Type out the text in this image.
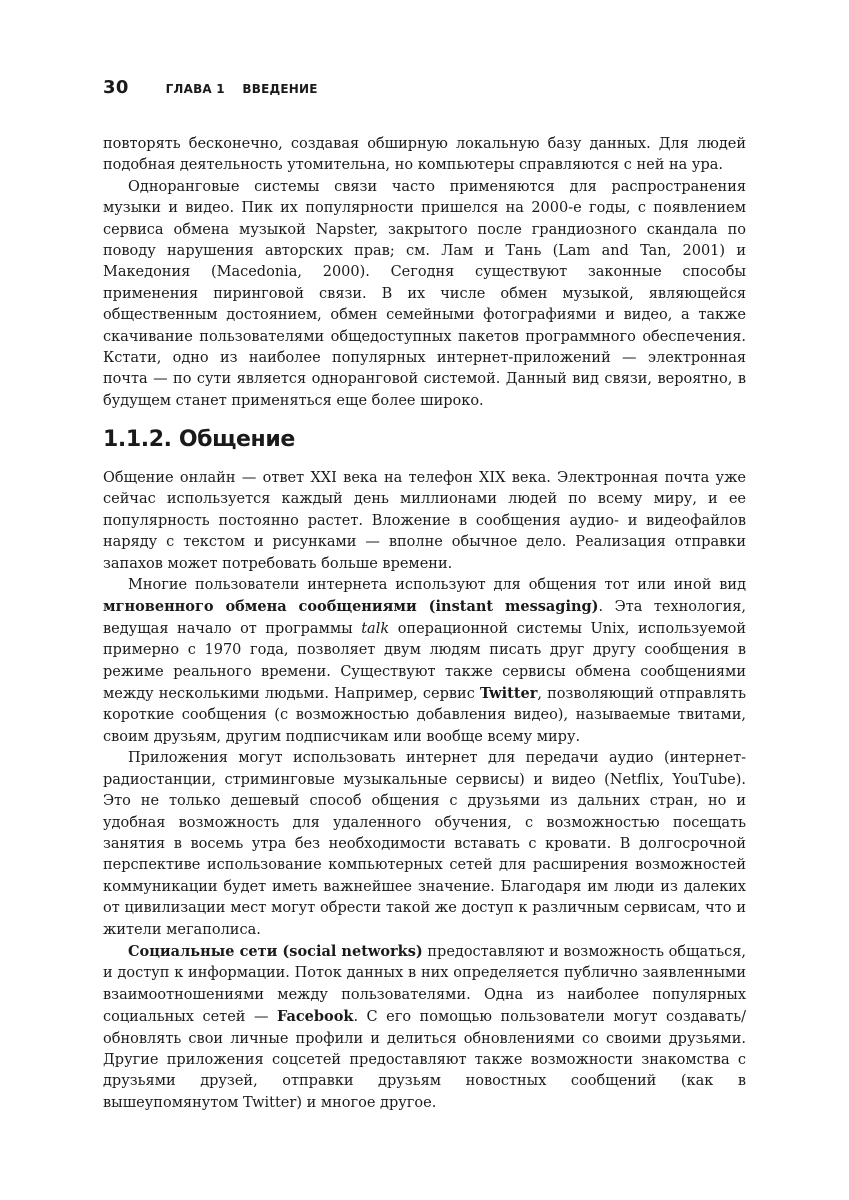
30	ГЛАВА 1 ВВЕДЕНИЕ

повторять бесконечно, создавая обширную локальную базу данных. Для людей подобная деятельность утомительна, но компьютеры справляются с ней на ура.

Одноранговые системы связи часто применяются для распространения музыки и видео. Пик их популярности пришелся на 2000-е годы, с появлением сервиса обмена музыкой Napster, закрытого после грандиозного скандала по поводу нарушения авторских прав; см. Лам и Тань (Lam and Tan, 2001) и Македония (Macedonia, 2000). Сегодня существуют законные способы применения пиринговой связи. В их числе обмен музыкой, являющейся общественным достоянием, обмен семейными фотографиями и видео, а также скачивание пользователями общедоступных пакетов программного обеспечения. Кстати, одно из наиболее популярных интернет-приложений — электронная почта — по сути является одноранговой системой. Данный вид связи, вероятно, в будущем станет применяться еще более широко.

1.1.2. Общение

Общение онлайн — ответ XXI века на телефон XIX века. Электронная почта уже сейчас используется каждый день миллионами людей по всему миру, и ее популярность постоянно растет. Вложение в сообщения аудио- и видеофайлов наряду с текстом и рисунками — вполне обычное дело. Реализация отправки запахов может потребовать больше времени.

Многие пользователи интернета используют для общения тот или иной вид мгновенного обмена сообщениями (instant messaging). Эта технология, ведущая начало от программы talk операционной системы Unix, используемой примерно с 1970 года, позволяет двум людям писать друг другу сообщения в режиме реального времени. Существуют также сервисы обмена сообщениями между несколькими людьми. Например, сервис Twitter, позволяющий отправлять короткие сообщения (с возможностью добавления видео), называемые твитами, своим друзьям, другим подписчикам или вообще всему миру.

Приложения могут использовать интернет для передачи аудио (интернет-радиостанции, стриминговые музыкальные сервисы) и видео (Netflix, YouTube). Это не только дешевый способ общения с друзьями из дальних стран, но и удобная возможность для удаленного обучения, с возможностью посещать занятия в восемь утра без необходимости вставать с кровати. В долгосрочной перспективе использование компьютерных сетей для расширения возможностей коммуникации будет иметь важнейшее значение. Благодаря им люди из далеких от цивилизации мест могут обрести такой же доступ к различным сервисам, что и жители мегаполиса.

Социальные сети (social networks) предоставляют и возможность общаться, и доступ к информации. Поток данных в них определяется публично заявленными взаимоотношениями между пользователями. Одна из наиболее популярных социальных сетей — Facebook. С его помощью пользователи могут создавать/обновлять свои личные профили и делиться обновлениями со своими друзьями. Другие приложения соцсетей предоставляют также возможности знакомства с друзьями друзей, отправки друзьям новостных сообщений (как в вышеупомянутом Twitter) и многое другое.
